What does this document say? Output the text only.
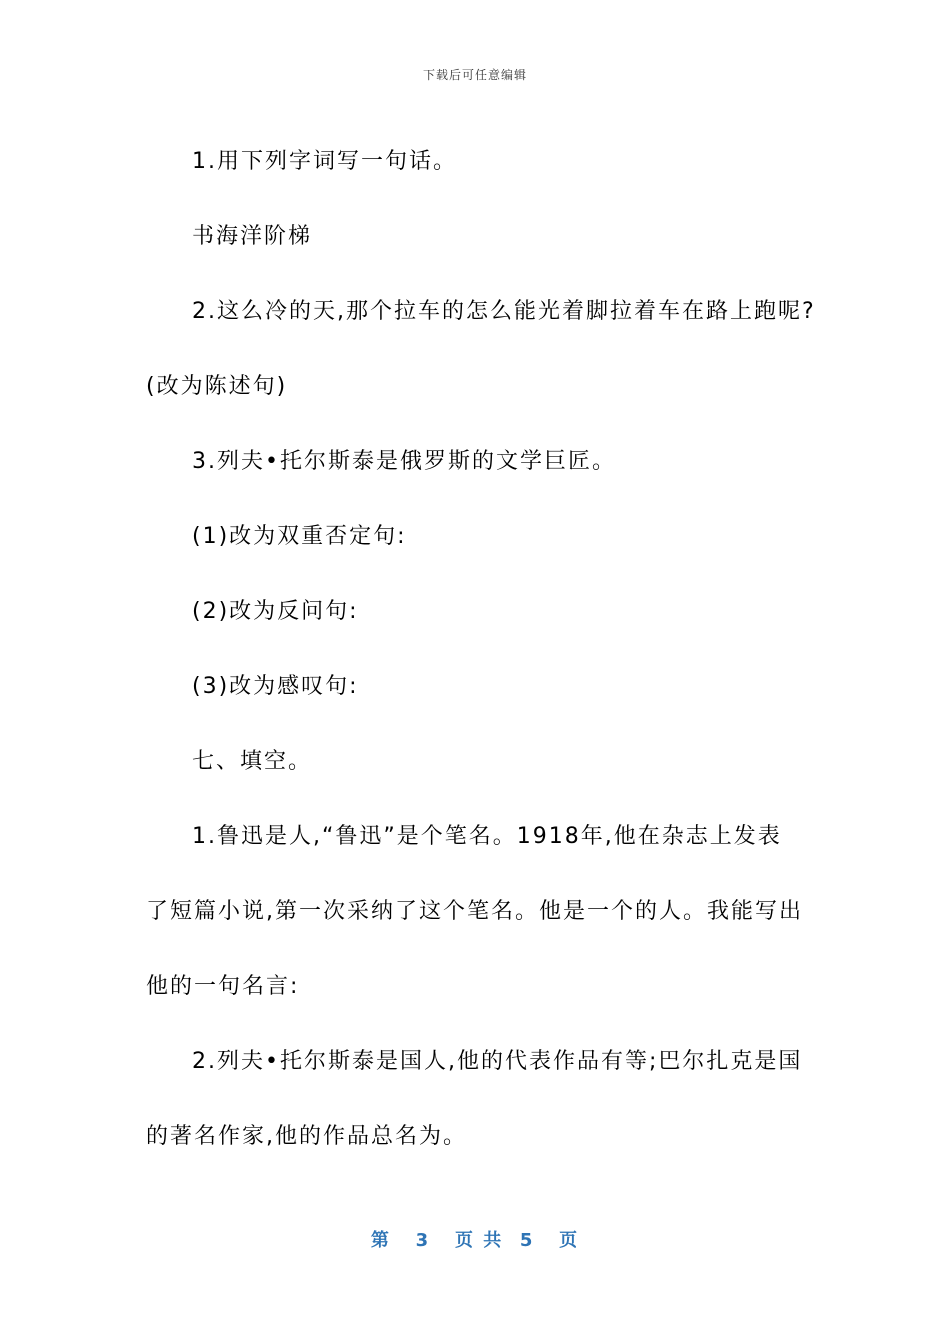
下载后可任意编辑
1.用下列字词写一句话。
书海洋阶梯
2.这么冷的天,那个拉车的怎么能光着脚拉着车在路上跑呢?
(改为陈述句)
3.列夫•托尔斯泰是俄罗斯的文学巨匠。
(1)改为双重否定句:
(2)改为反问句:
(3)改为感叹句:
七、填空。
1.鲁迅是人,“鲁迅”是个笔名。1918年,他在杂志上发表
了短篇小说,第一次采纳了这个笔名。他是一个的人。我能写出
他的一句名言:
2.列夫•托尔斯泰是国人,他的代表作品有等;巴尔扎克是国
的著名作家,他的作品总名为。
第 3 页 共 5 页
